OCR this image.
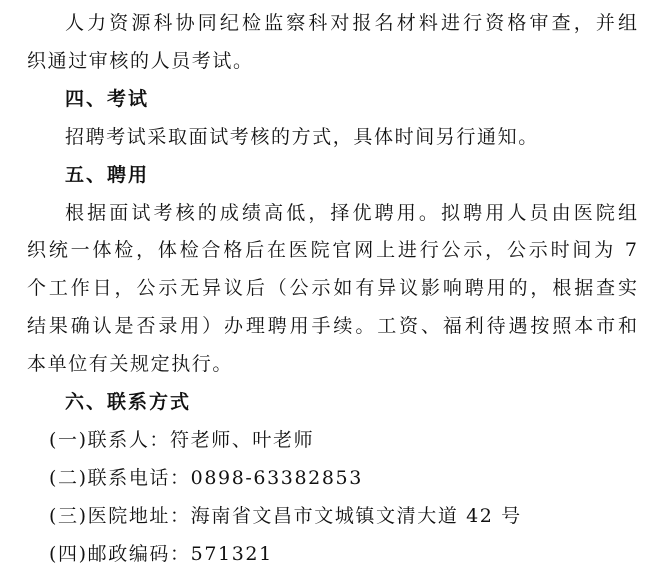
人力资源科协同纪检监察科对报名材料进行资格审查，并组
织通过审核的人员考试。
四、考试
招聘考试采取面试考核的方式，具体时间另行通知。
五、聘用
根据面试考核的成绩高低，择优聘用。拟聘用人员由医院组
织统一体检，体检合格后在医院官网上进行公示，公示时间为 7
个工作日，公示无异议后（公示如有异议影响聘用的，根据查实
结果确认是否录用）办理聘用手续。工资、福利待遇按照本市和
本单位有关规定执行。
六、联系方式
(一)联系人：符老师、叶老师
(二)联系电话：0898-63382853
(三)医院地址：海南省文昌市文城镇文清大道 42 号
(四)邮政编码：571321
